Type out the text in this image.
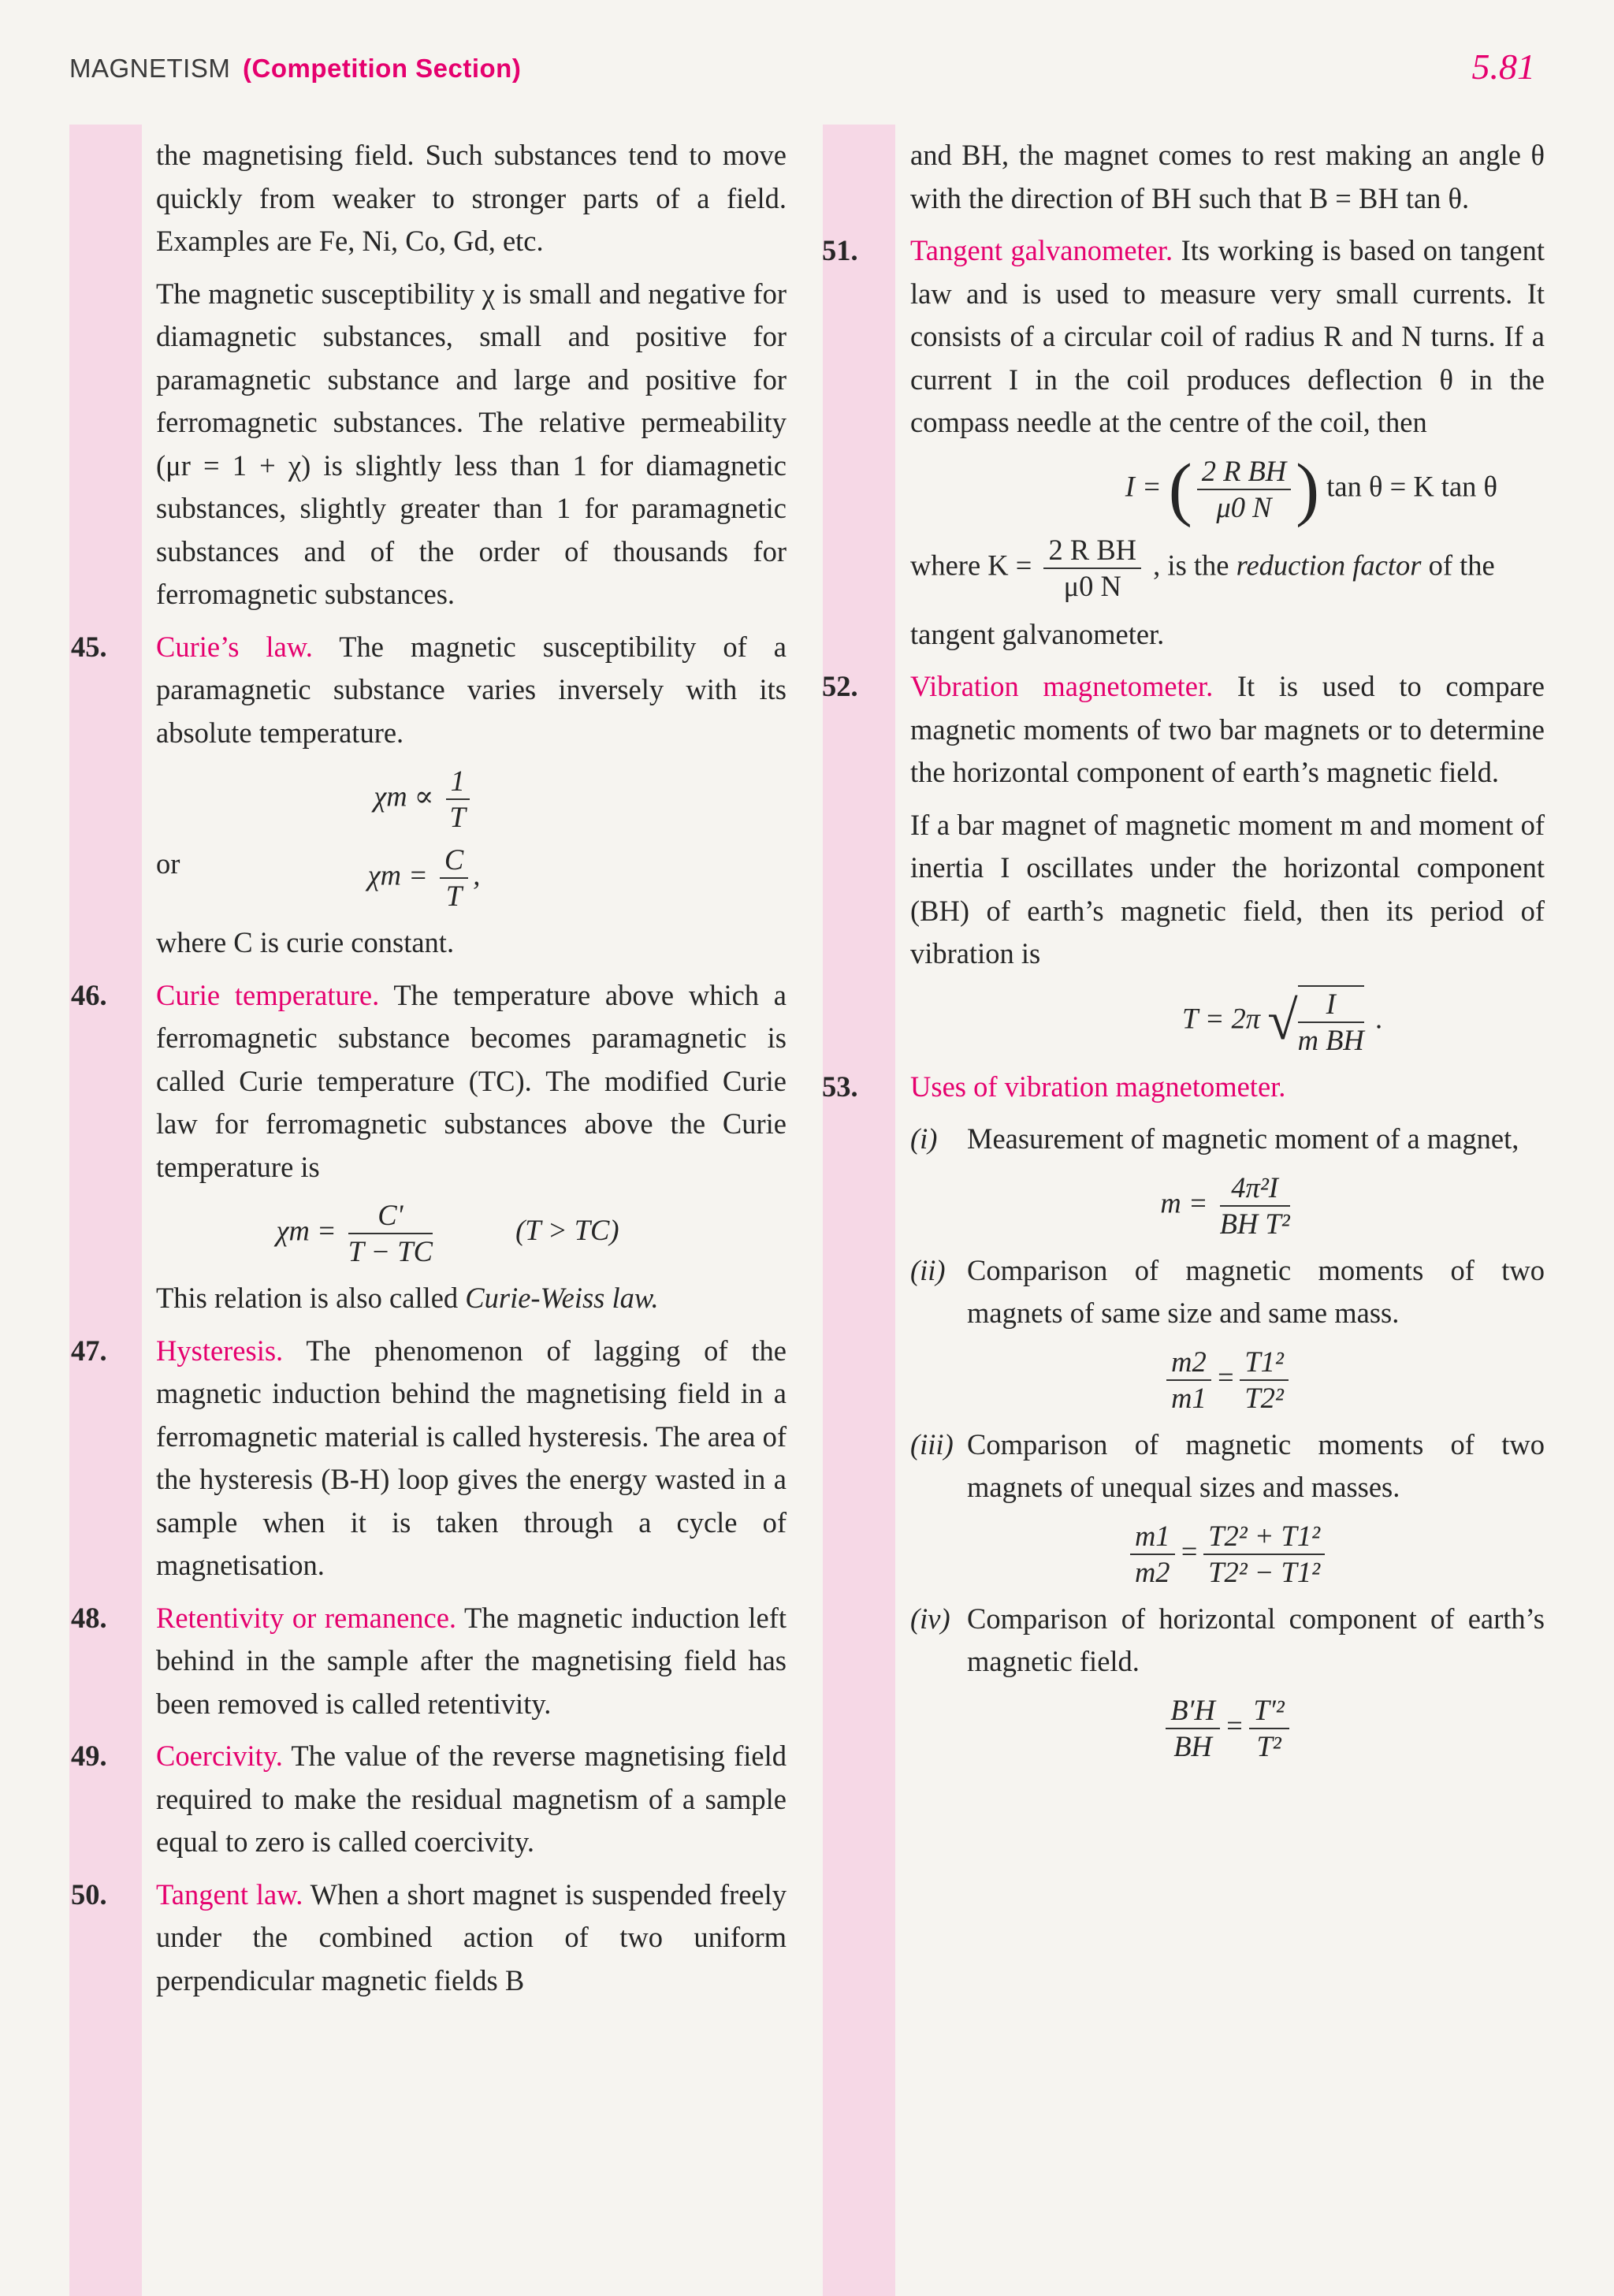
MAGNETISM (Competition Section)	5.81

the magnetising field. Such substances tend to move quickly from weaker to stronger parts of a field. Examples are Fe, Ni, Co, Gd, etc.

The magnetic susceptibility χ is small and negative for diamagnetic substances, small and positive for paramagnetic substance and large and positive for ferromagnetic substances. The relative permeability (μr = 1 + χ) is slightly less than 1 for diamagnetic substances, slightly greater than 1 for paramagnetic substances and of the order of thousands for ferromagnetic substances.

45.	Curie’s law. The magnetic susceptibility of a paramagnetic substance varies inversely with its absolute temperature.

$\chi m \propto \frac{1}{T}$
or	$\chi m = \frac{C}{T}$ ,

where C is curie constant.

46.	Curie temperature. The temperature above which a ferromagnetic substance becomes paramagnetic is called Curie temperature (TC). The modified Curie law for ferromagnetic substances above the Curie temperature is

$\chi m = \frac{C'}{T - TC}$	(T > TC)

This relation is also called Curie-Weiss law.

47.	Hysteresis. The phenomenon of lagging of the magnetic induction behind the magnetising field in a ferromagnetic material is called hysteresis. The area of the hysteresis (B-H) loop gives the energy wasted in a sample when it is taken through a cycle of magnetisation.

48.	Retentivity or remanence. The magnetic induction left behind in the sample after the magnetising field has been removed is called retentivity.

49.	Coercivity. The value of the reverse magnetising field required to make the residual magnetism of a sample equal to zero is called coercivity.

50.	Tangent law. When a short magnet is suspended freely under the combined action of two uniform perpendicular magnetic fields B

and BH, the magnet comes to rest making an angle θ with the direction of BH such that B = BH tan θ.

51.	Tangent galvanometer. Its working is based on tangent law and is used to measure very small currents. It consists of a circular coil of radius R and N turns. If a current I in the coil produces deflection θ in the compass needle at the centre of the coil, then

I = ( $\frac{\text{2 R BH}}{\mu 0 N}$ ) tan θ = K tan θ

where $K = \frac{\text{2 R BH}}{\mu 0 N}$ , is the reduction factor of the

tangent galvanometer.

52.	Vibration magnetometer. It is used to compare magnetic moments of two bar magnets or to determine the horizontal component of earth’s magnetic field.

If a bar magnet of magnetic moment m and moment of inertia I oscillates under the horizontal component (BH) of earth’s magnetic field, then its period of vibration is

T = 2π √ $\frac{I}{\text{m BH}}$ .

53.	Uses of vibration magnetometer.

(i) Measurement of magnetic moment of a magnet,
$m = \frac{\text{4π²I}}{\text{BH T²}}$
(ii) Comparison of magnetic moments of two magnets of same size and same mass.
$\frac{m2}{m1} = \frac{\text{T1²}}{\text{T2²}}$
(iii) Comparison of magnetic moments of two magnets of unequal sizes and masses.
$\frac{m1}{m2} = \frac{\text{T2² + T1²}}{\text{T2² − T1²}}$
(iv) Comparison of horizontal component of earth’s magnetic field.
$\frac{B'H}{BH} = \frac{\text{T′²}}{\text{T²}}$
